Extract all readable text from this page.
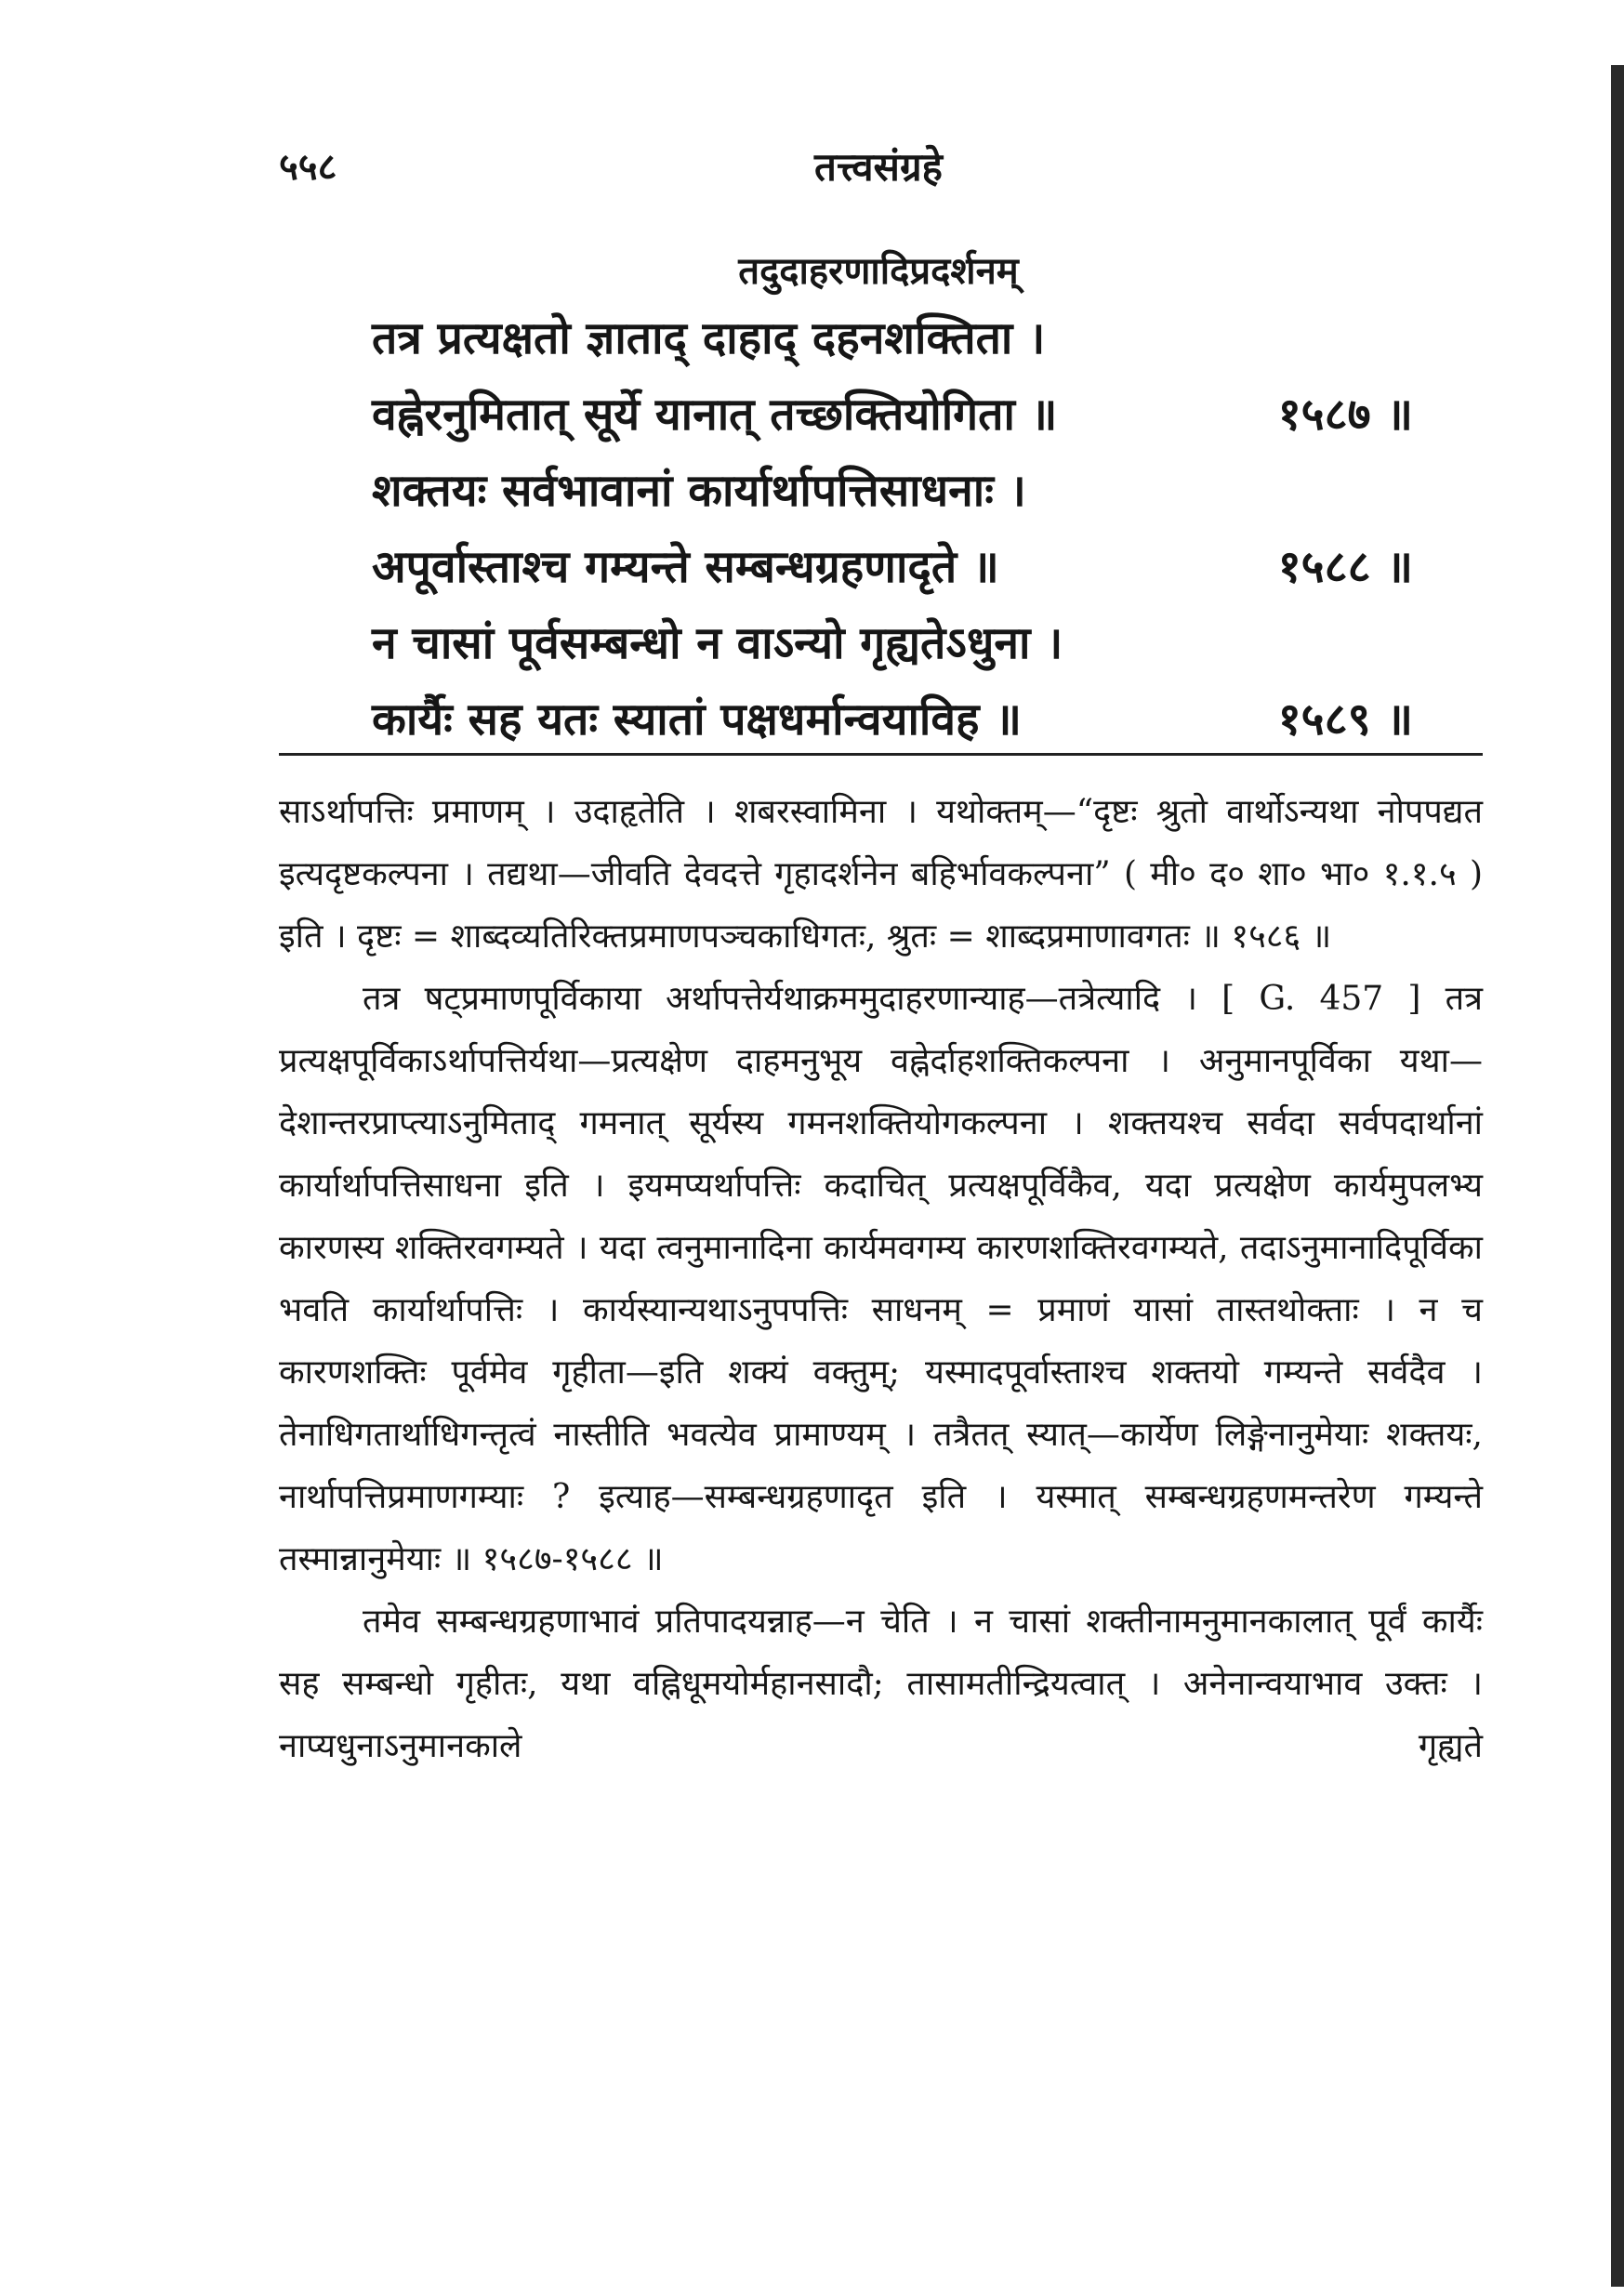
५५८	तत्त्वसंग्रहे
तदुदाहरणादिप्रदर्शनम्
तत्र प्रत्यक्षतो ज्ञाताद् दाहाद् दहनशक्तिता ।
वह्नेरनुमितात् सूर्ये यानात् तच्छक्तियोगिता ॥	१५८७ ॥
शक्तयः सर्वभावानां कार्यार्थापत्तिसाधनाः ।
अपूर्वास्ताश्च गम्यन्ते सम्बन्धग्रहणादृते ॥	१५८८ ॥
न चासां पूर्वसम्बन्धो न वाऽन्यो गृह्यतेऽधुना ।
कार्यैः सह यतः स्यातां पक्षधर्मान्वयाविह ॥	१५८९ ॥

साऽर्थापत्तिः प्रमाणम् । उदाहृतेति । शबरस्वामिना । यथोक्तम्—“दृष्टः श्रुतो वार्थोऽन्यथा नोपपद्यत इत्यदृष्टकल्पना । तद्यथा—जीवति देवदत्ते गृहादर्शनेन बहिर्भावकल्पना” ( मी० द० शा० भा० १.१.५ ) इति । दृष्टः = शाब्दव्यतिरिक्तप्रमाणपञ्चकाधिगतः, श्रुतः = शाब्दप्रमाणावगतः ॥ १५८६ ॥

तत्र षट्प्रमाणपूर्विकाया अर्थापत्तेर्यथाक्रममुदाहरणान्याह—तत्रेत्यादि । [ G. 457 ] तत्र प्रत्यक्षपूर्विकाऽर्थापत्तिर्यथा—प्रत्यक्षेण दाहमनुभूय वह्नेर्दाहशक्तिकल्पना । अनुमानपूर्विका यथा—देशान्तरप्राप्त्याऽनुमिताद् गमनात् सूर्यस्य गमनशक्तियोगकल्पना । शक्तयश्च सर्वदा सर्वपदार्थानां कार्यार्थापत्तिसाधना इति । इयमप्यर्थापत्तिः कदाचित् प्रत्यक्षपूर्विकैव, यदा प्रत्यक्षेण कार्यमुपलभ्य कारणस्य शक्तिरवगम्यते । यदा त्वनुमानादिना कार्यमवगम्य कारणशक्तिरवगम्यते, तदाऽनुमानादिपूर्विका भवति कार्यार्थापत्तिः । कार्यस्यान्यथाऽनुपपत्तिः साधनम् = प्रमाणं यासां तास्तथोक्ताः । न च कारणशक्तिः पूर्वमेव गृहीता—इति शक्यं वक्तुम्; यस्मादपूर्वास्ताश्च शक्तयो गम्यन्ते सर्वदैव । तेनाधिगतार्थाधिगन्तृत्वं नास्तीति भवत्येव प्रामाण्यम् । तत्रैतत् स्यात्—कार्येण लिङ्गेनानुमेयाः शक्तयः, नार्थापत्तिप्रमाणगम्याः ? इत्याह—सम्बन्धग्रहणादृत इति । यस्मात् सम्बन्धग्रहणमन्तरेण गम्यन्ते तस्मान्नानुमेयाः ॥ १५८७-१५८८ ॥

तमेव सम्बन्धग्रहणाभावं प्रतिपादयन्नाह—न चेति । न चासां शक्तीनामनुमानकालात् पूर्वं कार्यैः सह सम्बन्धो गृहीतः, यथा वह्निधूमयोर्महानसादौ; तासामतीन्द्रियत्वात् । अनेनान्वयाभाव उक्तः । नाप्यधुनाऽनुमानकाले गृह्यते
